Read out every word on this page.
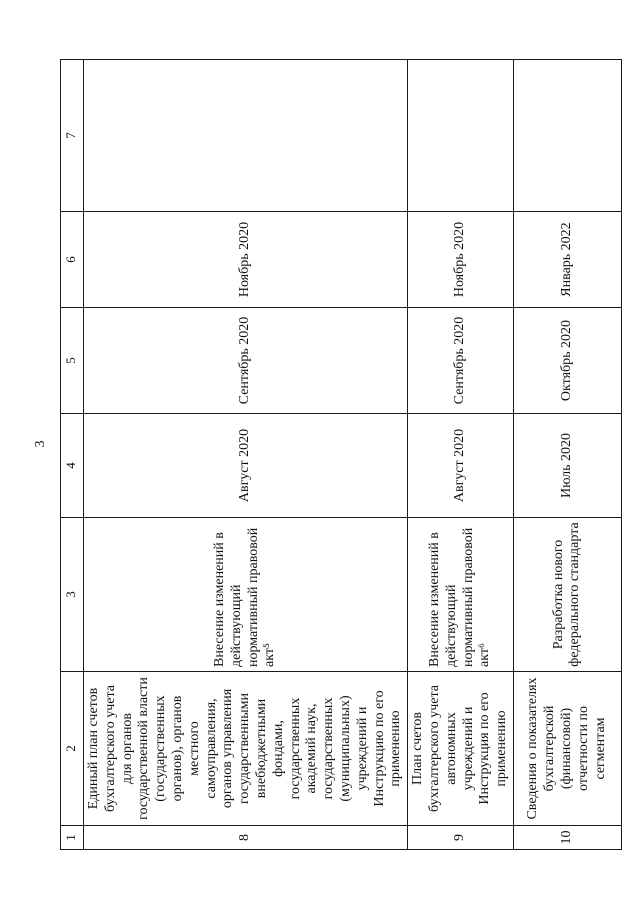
3
1	2	3	4	5	6	7
8	Единый план счетов бухгалтерского учета для органов государственной власти (государственных органов), органов местного самоуправления, органов управления государственными внебюджетными фондами, государственных академий наук, государственных (муниципальных) учреждений и Инструкцию по его применению	Внесение изменений в действующий нормативный правовой акт⁵	Август 2020	Сентябрь 2020	Ноябрь 2020	
9	План счетов бухгалтерского учета автономных учреждений и Инструкция по его применению	Внесение изменений в действующий нормативный правовой акт⁶	Август 2020	Сентябрь 2020	Ноябрь 2020	
10	Сведения о показателях бухгалтерской (финансовой) отчетности по сегментам	Разработка нового федерального стандарта	Июль 2020	Октябрь 2020	Январь 2022	
